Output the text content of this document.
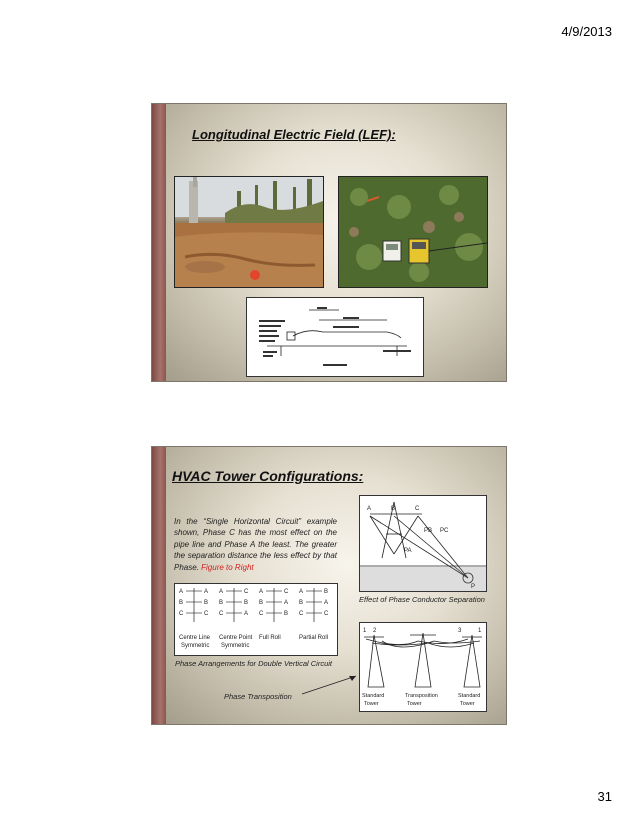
4/9/2013
Longitudinal Electric Field (LEF):
HVAC Tower Configurations:
In the “Single Horizontal Circuit” example shown, Phase C has the most effect on the pipe line and Phase A the least. The greater the separation distance the less effect by that Phase. Figure to Right
A	B	C
PB PC
PA
P
Effect of Phase Conductor Separation
A	A
B	B
C	C
Centre Line
Symmetric
A	C
B	B
C	A
Centre Point
Symmetric
A	C
B	A
C	B
Full Roll
A	B
B	A
C	C
Partial Roll
Phase Arrangements for Double Vertical Circuit
Phase Transposition
1 2	3	1
Standard
Tower
Transposition
Tower
Standard
Tower
31
